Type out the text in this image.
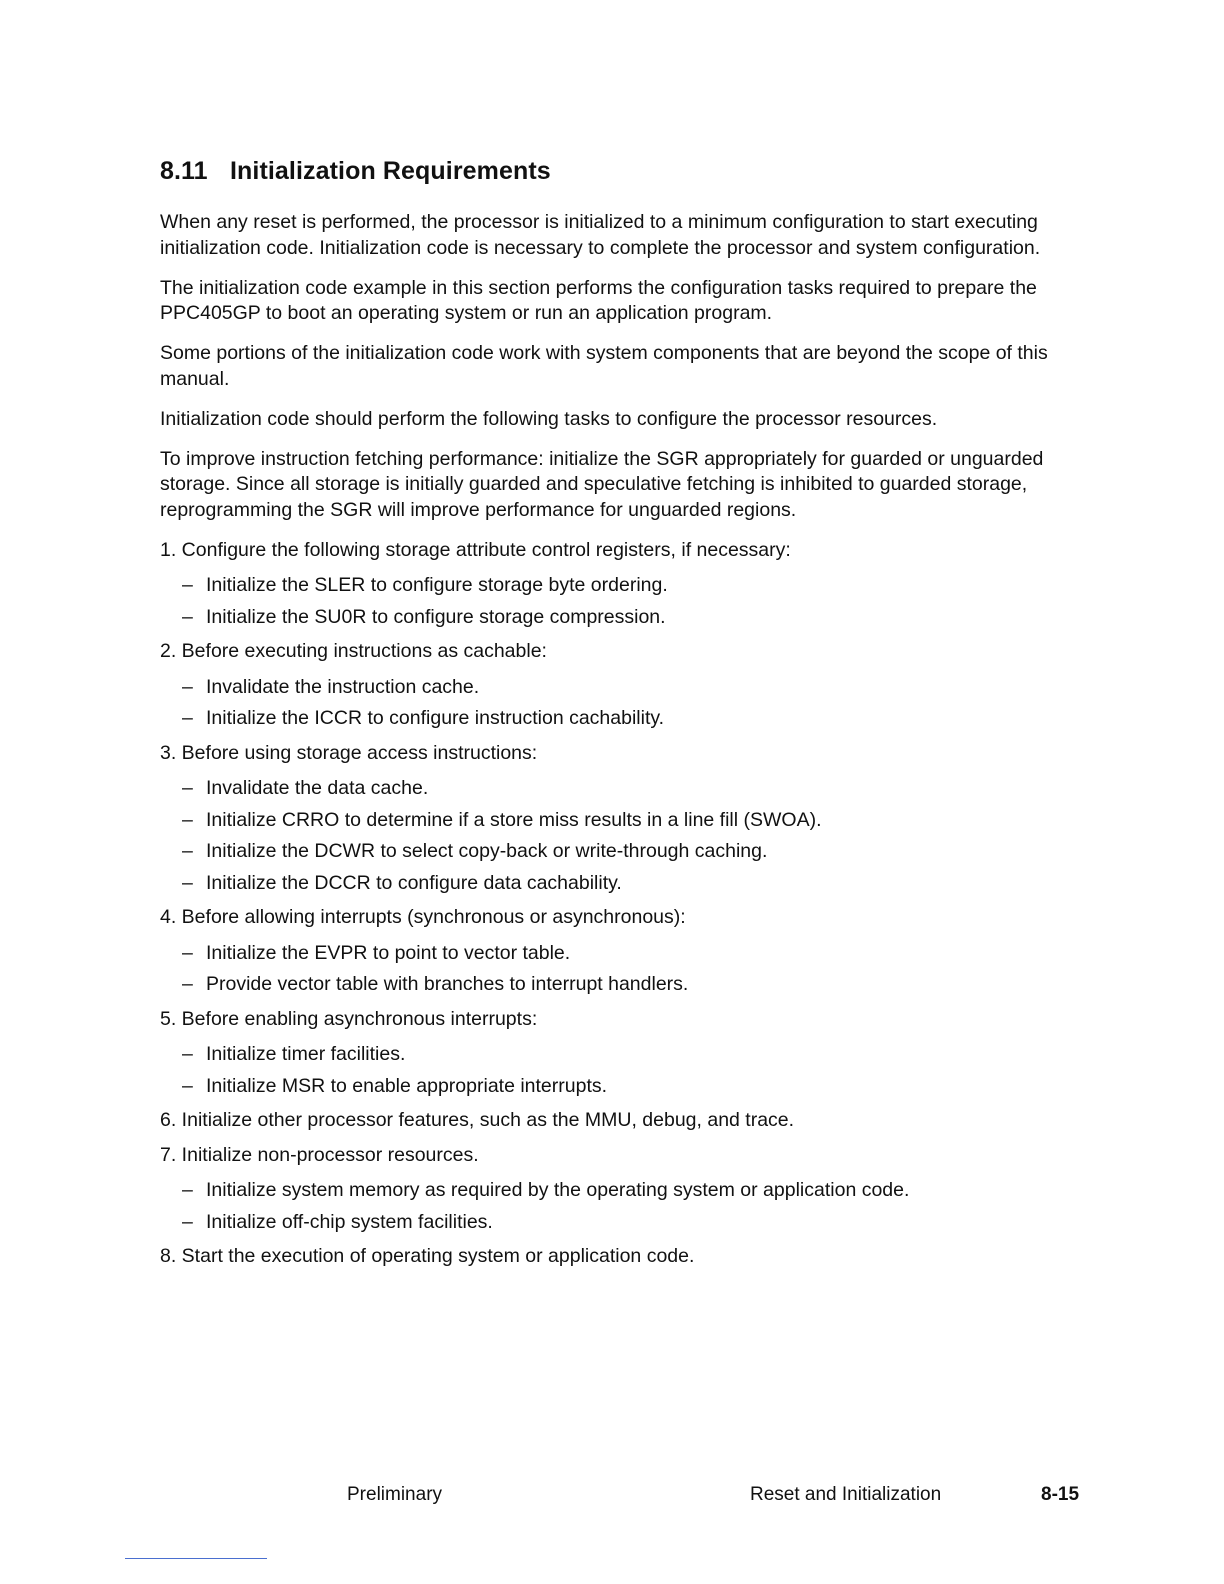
8.11 Initialization Requirements

When any reset is performed, the processor is initialized to a minimum configuration to start executing initialization code. Initialization code is necessary to complete the processor and system configuration.

The initialization code example in this section performs the configuration tasks required to prepare the PPC405GP to boot an operating system or run an application program.

Some portions of the initialization code work with system components that are beyond the scope of this manual.

Initialization code should perform the following tasks to configure the processor resources.

To improve instruction fetching performance: initialize the SGR appropriately for guarded or unguarded storage. Since all storage is initially guarded and speculative fetching is inhibited to guarded storage, reprogramming the SGR will improve performance for unguarded regions.

1. Configure the following storage attribute control registers, if necessary:
– Initialize the SLER to configure storage byte ordering.
– Initialize the SU0R to configure storage compression.
2. Before executing instructions as cachable:
– Invalidate the instruction cache.
– Initialize the ICCR to configure instruction cachability.
3. Before using storage access instructions:
– Invalidate the data cache.
– Initialize CRRO to determine if a store miss results in a line fill (SWOA).
– Initialize the DCWR to select copy-back or write-through caching.
– Initialize the DCCR to configure data cachability.
4. Before allowing interrupts (synchronous or asynchronous):
– Initialize the EVPR to point to vector table.
– Provide vector table with branches to interrupt handlers.
5. Before enabling asynchronous interrupts:
– Initialize timer facilities.
– Initialize MSR to enable appropriate interrupts.
6. Initialize other processor features, such as the MMU, debug, and trace.
7. Initialize non-processor resources.
– Initialize system memory as required by the operating system or application code.
– Initialize off-chip system facilities.
8. Start the execution of operating system or application code.
Preliminary	Reset and Initialization	8-15
